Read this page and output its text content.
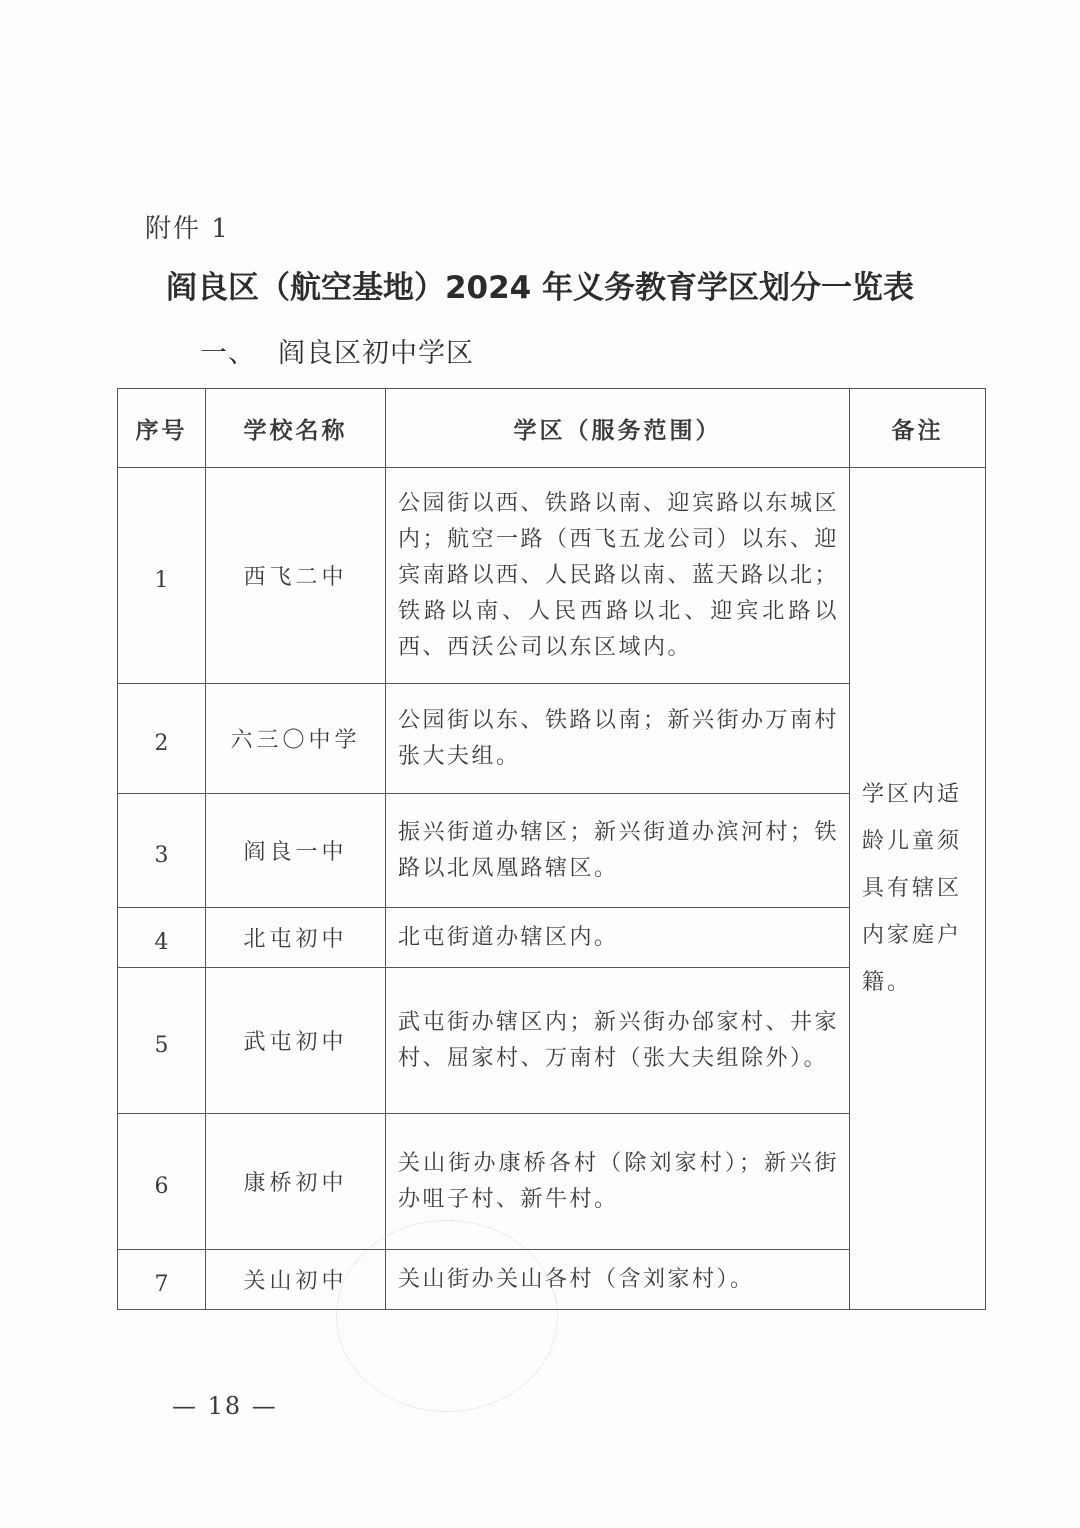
附件 1
阎良区（航空基地）2024 年义务教育学区划分一览表
一、 阎良区初中学区
序号	学校名称	学区（服务范围）	备注
1	西飞二中	公园街以西、铁路以南、迎宾路以东城区内；航空一路（西飞五龙公司）以东、迎宾南路以西、人民路以南、蓝天路以北；铁路以南、人民西路以北、迎宾北路以西、西沃公司以东区域内。	学区内适龄儿童须具有辖区内家庭户籍。
2	六三〇中学	公园街以东、铁路以南；新兴街办万南村张大夫组。	
3	阎良一中	振兴街道办辖区；新兴街道办滨河村；铁路以北凤凰路辖区。	
4	北屯初中	北屯街道办辖区内。	
5	武屯初中	武屯街办辖区内；新兴街办邰家村、井家村、屈家村、万南村（张大夫组除外）。	
6	康桥初中	关山街办康桥各村（除刘家村）；新兴街办咀子村、新牛村。	
7	关山初中	关山街办关山各村（含刘家村）。	
— 18 —
